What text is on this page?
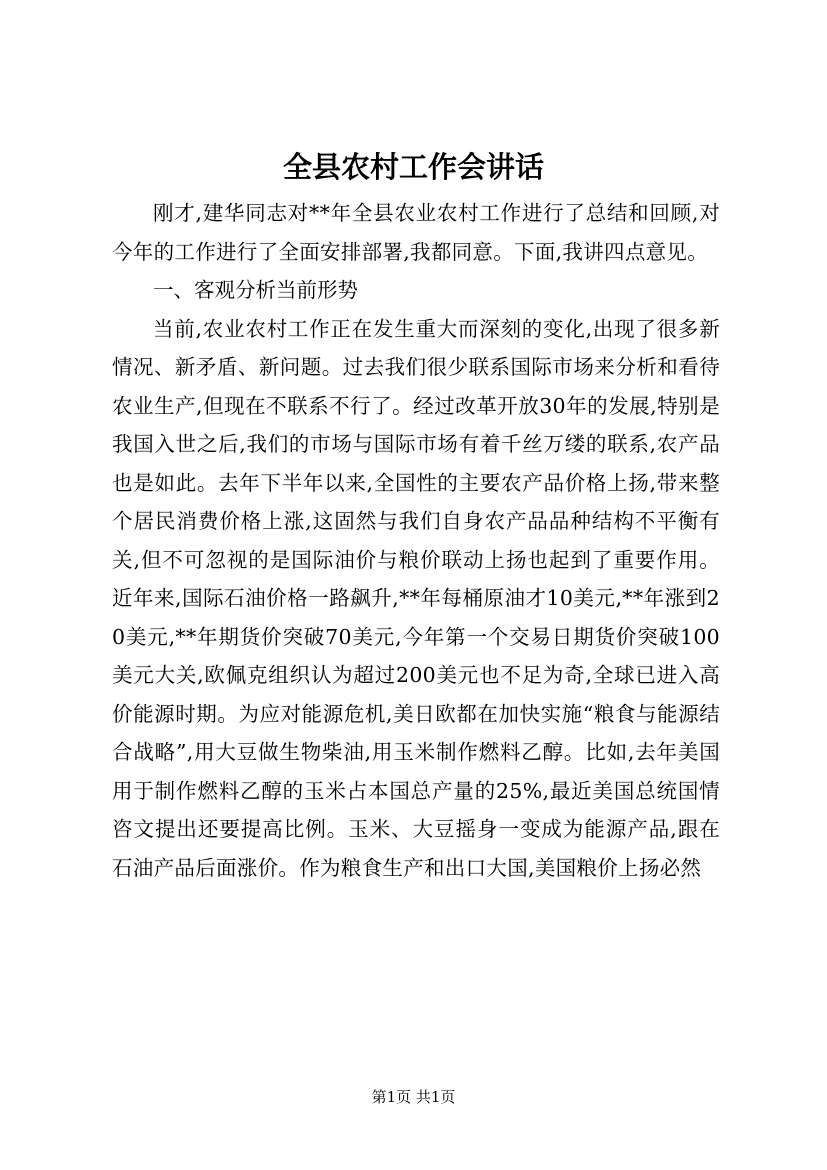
全县农村工作会讲话

刚才,建华同志对**年全县农业农村工作进行了总结和回顾,对今年的工作进行了全面安排部署,我都同意。下面,我讲四点意见。

一、客观分析当前形势

当前,农业农村工作正在发生重大而深刻的变化,出现了很多新情况、新矛盾、新问题。过去我们很少联系国际市场来分析和看待农业生产,但现在不联系不行了。经过改革开放30年的发展,特别是我国入世之后,我们的市场与国际市场有着千丝万缕的联系,农产品也是如此。去年下半年以来,全国性的主要农产品价格上扬,带来整个居民消费价格上涨,这固然与我们自身农产品品种结构不平衡有关,但不可忽视的是国际油价与粮价联动上扬也起到了重要作用。近年来,国际石油价格一路飙升,**年每桶原油才10美元,**年涨到20美元,**年期货价突破70美元,今年第一个交易日期货价突破100美元大关,欧佩克组织认为超过200美元也不足为奇,全球已进入高价能源时期。为应对能源危机,美日欧都在加快实施“粮食与能源结合战略”,用大豆做生物柴油,用玉米制作燃料乙醇。比如,去年美国用于制作燃料乙醇的玉米占本国总产量的25%,最近美国总统国情咨文提出还要提高比例。玉米、大豆摇身一变成为能源产品,跟在石油产品后面涨价。作为粮食生产和出口大国,美国粮价上扬必然

第1页 共1页
